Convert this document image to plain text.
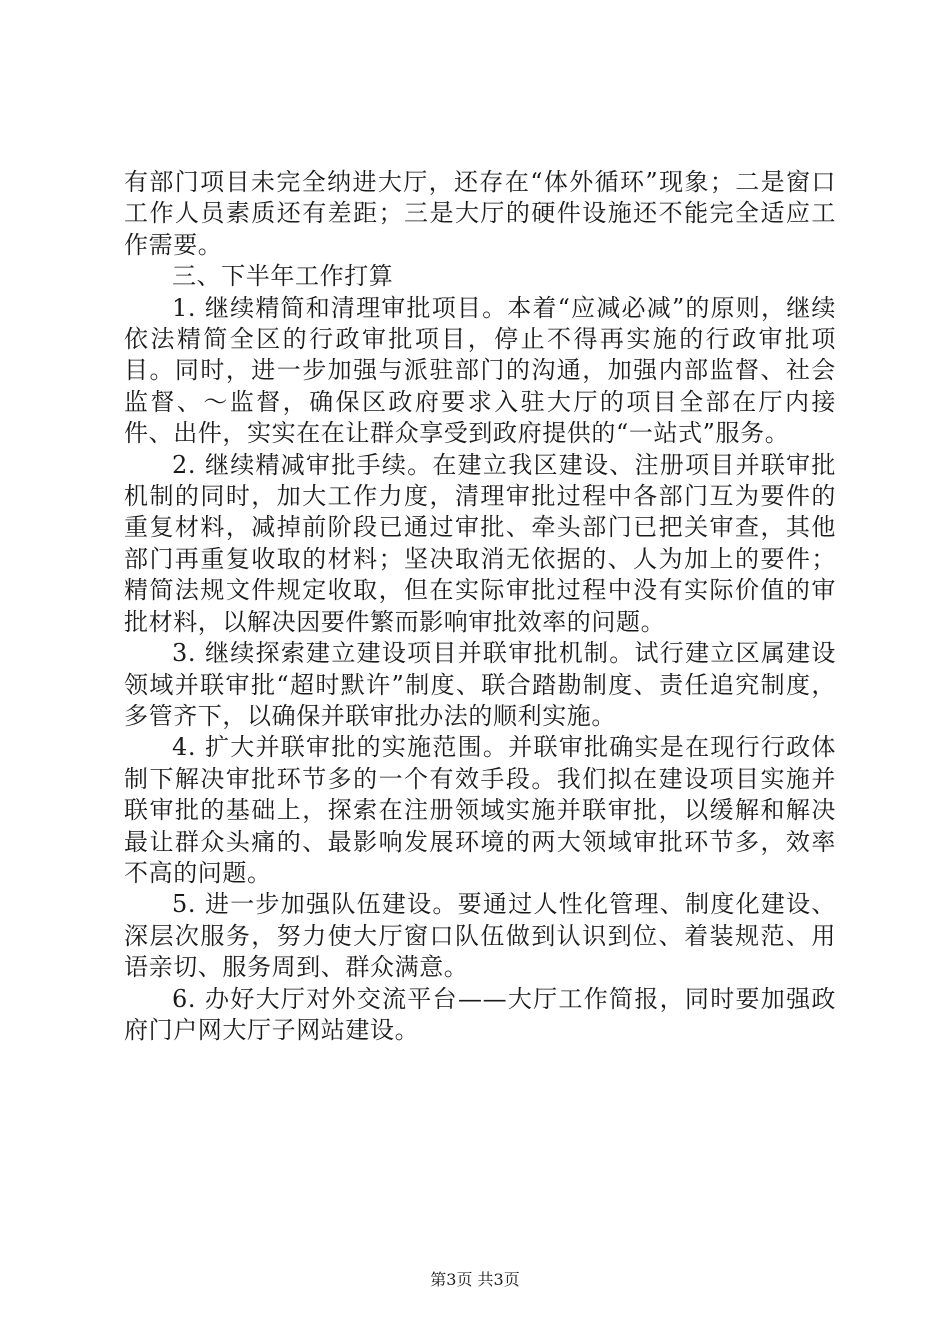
有部门项目未完全纳进大厅，还存在“体外循环”现象；二是窗口工作人员素质还有差距；三是大厅的硬件设施还不能完全适应工作需要。

三、下半年工作打算

1. 继续精简和清理审批项目。本着“应减必减”的原则，继续依法精简全区的行政审批项目，停止不得再实施的行政审批项目。同时，进一步加强与派驻部门的沟通，加强内部监督、社会监督、～监督，确保区政府要求入驻大厅的项目全部在厅内接件、出件，实实在在让群众享受到政府提供的“一站式”服务。

2. 继续精减审批手续。在建立我区建设、注册项目并联审批机制的同时，加大工作力度，清理审批过程中各部门互为要件的重复材料，减掉前阶段已通过审批、牵头部门已把关审查，其他部门再重复收取的材料；坚决取消无依据的、人为加上的要件；精简法规文件规定收取，但在实际审批过程中没有实际价值的审批材料，以解决因要件繁而影响审批效率的问题。

3. 继续探索建立建设项目并联审批机制。试行建立区属建设领域并联审批“超时默许”制度、联合踏勘制度、责任追究制度，多管齐下，以确保并联审批办法的顺利实施。

4. 扩大并联审批的实施范围。并联审批确实是在现行行政体制下解决审批环节多的一个有效手段。我们拟在建设项目实施并联审批的基础上，探索在注册领域实施并联审批，以缓解和解决最让群众头痛的、最影响发展环境的两大领域审批环节多，效率不高的问题。

5. 进一步加强队伍建设。要通过人性化管理、制度化建设、深层次服务，努力使大厅窗口队伍做到认识到位、着装规范、用语亲切、服务周到、群众满意。

6. 办好大厅对外交流平台——大厅工作简报，同时要加强政府门户网大厅子网站建设。

第3页 共3页
